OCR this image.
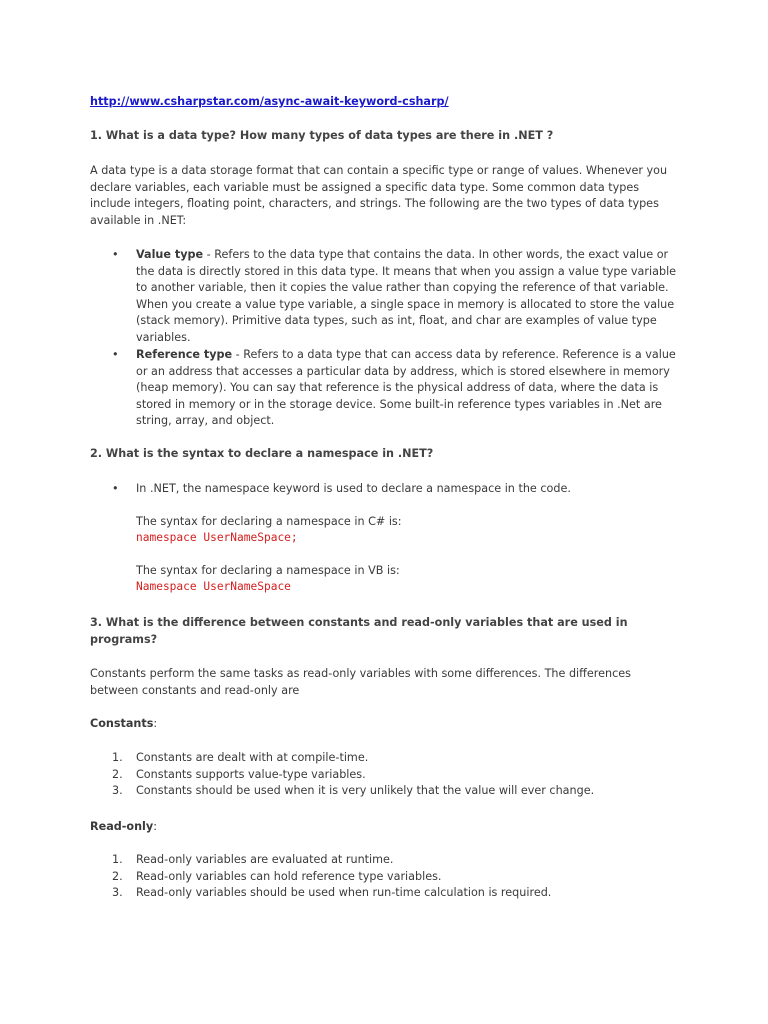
http://www.csharpstar.com/async-await-keyword-csharp/

1. What is a data type? How many types of data types are there in .NET ?

A data type is a data storage format that can contain a specific type or range of values. Whenever you declare variables, each variable must be assigned a specific data type. Some common data types include integers, floating point, characters, and strings. The following are the two types of data types available in .NET:

• Value type - Refers to the data type that contains the data. In other words, the exact value or the data is directly stored in this data type. It means that when you assign a value type variable to another variable, then it copies the value rather than copying the reference of that variable. When you create a value type variable, a single space in memory is allocated to store the value (stack memory). Primitive data types, such as int, float, and char are examples of value type variables.

• Reference type - Refers to a data type that can access data by reference. Reference is a value or an address that accesses a particular data by address, which is stored elsewhere in memory (heap memory). You can say that reference is the physical address of data, where the data is stored in memory or in the storage device. Some built-in reference types variables in .Net are string, array, and object.

2. What is the syntax to declare a namespace in .NET?

• In .NET, the namespace keyword is used to declare a namespace in the code.

The syntax for declaring a namespace in C# is:

namespace UserNameSpace;

The syntax for declaring a namespace in VB is:

Namespace UserNameSpace

3. What is the difference between constants and read-only variables that are used in programs?

Constants perform the same tasks as read-only variables with some differences. The differences between constants and read-only are

Constants:

1.	Constants are dealt with at compile-time.

2.	Constants supports value-type variables.

3.	Constants should be used when it is very unlikely that the value will ever change.

Read-only:

1.	Read-only variables are evaluated at runtime.

2.	Read-only variables can hold reference type variables.

3.	Read-only variables should be used when run-time calculation is required.
